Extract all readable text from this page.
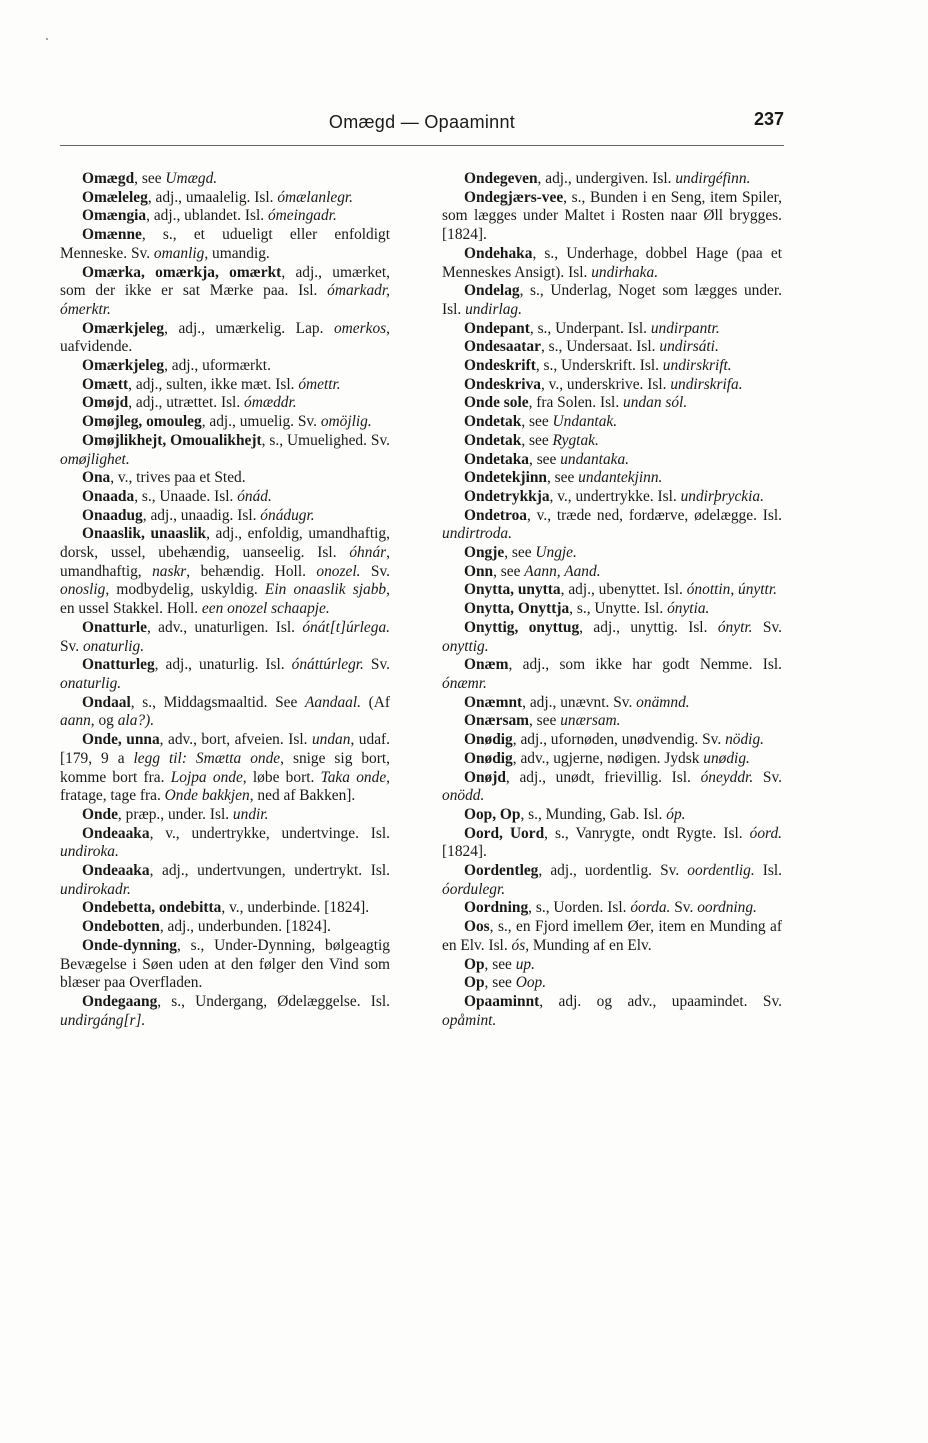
Omægd — Opaaminnt	237

Omægd, see Umægd.

Omæleleg, adj., umaalelig. Isl. ómælanlegr.

Omængia, adj., ublandet. Isl. ómeingadr.

Omænne, s., et udueligt eller enfoldigt Menneske. Sv. omanlig, umandig.

Omærka, omærkja, omærkt, adj., umærket, som der ikke er sat Mærke paa. Isl. ómarkadr, ómerktr.

Omærkjeleg, adj., umærkelig. Lap. omerkos, uafvidende.

Omærkjeleg, adj., uformærkt.

Omætt, adj., sulten, ikke mæt. Isl. ómettr.

Omøjd, adj., utrættet. Isl. ómæddr.

Omøjleg, omouleg, adj., umuelig. Sv. omöjlig.

Omøjlikhejt, Omoualikhejt, s., Umuelighed. Sv. omøjlighet.

Ona, v., trives paa et Sted.

Onaada, s., Unaade. Isl. ónád.

Onaadug, adj., unaadig. Isl. ónádugr.

Onaaslik, unaaslik, adj., enfoldig, umandhaftig, dorsk, ussel, ubehændig, uanseelig. Isl. óhnár, umandhaftig, naskr, behændig. Holl. onozel. Sv. onoslig, modbydelig, uskyldig. Ein onaaslik sjabb, en ussel Stakkel. Holl. een onozel schaapje.

Onatturle, adv., unaturligen. Isl. ónát[t]úrlega. Sv. onaturlig.

Onatturleg, adj., unaturlig. Isl. ónáttúrlegr. Sv. onaturlig.

Ondaal, s., Middagsmaaltid. See Aandaal. (Af aann, og ala?).

Onde, unna, adv., bort, afveien. Isl. undan, udaf. [179, 9 a legg til: Smætta onde, snige sig bort, komme bort fra. Lojpa onde, løbe bort. Taka onde, fratage, tage fra. Onde bakkjen, ned af Bakken].

Onde, præp., under. Isl. undir.

Ondeaaka, v., undertrykke, undertvinge. Isl. undiroka.

Ondeaaka, adj., undertvungen, undertrykt. Isl. undirokadr.

Ondebetta, ondebitta, v., underbinde. [1824].

Ondebotten, adj., underbunden. [1824].

Onde-dynning, s., Under-Dynning, bølgeagtig Bevægelse i Søen uden at den følger den Vind som blæser paa Overfladen.

Ondegaang, s., Undergang, Ødelæggelse. Isl. undirgáng[r].

Ondegeven, adj., undergiven. Isl. undirgéfinn.

Ondegjærs-vee, s., Bunden i en Seng, item Spiler, som lægges under Maltet i Rosten naar Øll brygges. [1824].

Ondehaka, s., Underhage, dobbel Hage (paa et Menneskes Ansigt). Isl. undirhaka.

Ondelag, s., Underlag, Noget som lægges under. Isl. undirlag.

Ondepant, s., Underpant. Isl. undirpantr.

Ondesaatar, s., Undersaat. Isl. undirsáti.

Ondeskrift, s., Underskrift. Isl. undirskrift.

Ondeskriva, v., underskrive. Isl. undirskrifa.

Onde sole, fra Solen. Isl. undan sól.

Ondetak, see Undantak.

Ondetak, see Rygtak.

Ondetaka, see undantaka.

Ondetekjinn, see undantekjinn.

Ondetrykkja, v., undertrykke. Isl. undirþryckia.

Ondetroa, v., træde ned, fordærve, ødelægge. Isl. undirtroda.

Ongje, see Ungje.

Onn, see Aann, Aand.

Onytta, unytta, adj., ubenyttet. Isl. ónottin, únyttr.

Onytta, Onyttja, s., Unytte. Isl. ónytia.

Onyttig, onyttug, adj., unyttig. Isl. ónytr. Sv. onyttig.

Onæm, adj., som ikke har godt Nemme. Isl. ónæmr.

Onæmnt, adj., unævnt. Sv. onämnd.

Onærsam, see unærsam.

Onødig, adj., ufornøden, unødvendig. Sv. nödig.

Onødig, adv., ugjerne, nødigen. Jydsk unødig.

Onøjd, adj., unødt, frievillig. Isl. óneyddr. Sv. onödd.

Oop, Op, s., Munding, Gab. Isl. óp.

Oord, Uord, s., Vanrygte, ondt Rygte. Isl. óord. [1824].

Oordentleg, adj., uordentlig. Sv. oordentlig. Isl. óordulegr.

Oordning, s., Uorden. Isl. óorda. Sv. oordning.

Oos, s., en Fjord imellem Øer, item en Munding af en Elv. Isl. ós, Munding af en Elv.

Op, see up.

Op, see Oop.

Opaaminnt, adj. og adv., upaamindet. Sv. opåmint.
